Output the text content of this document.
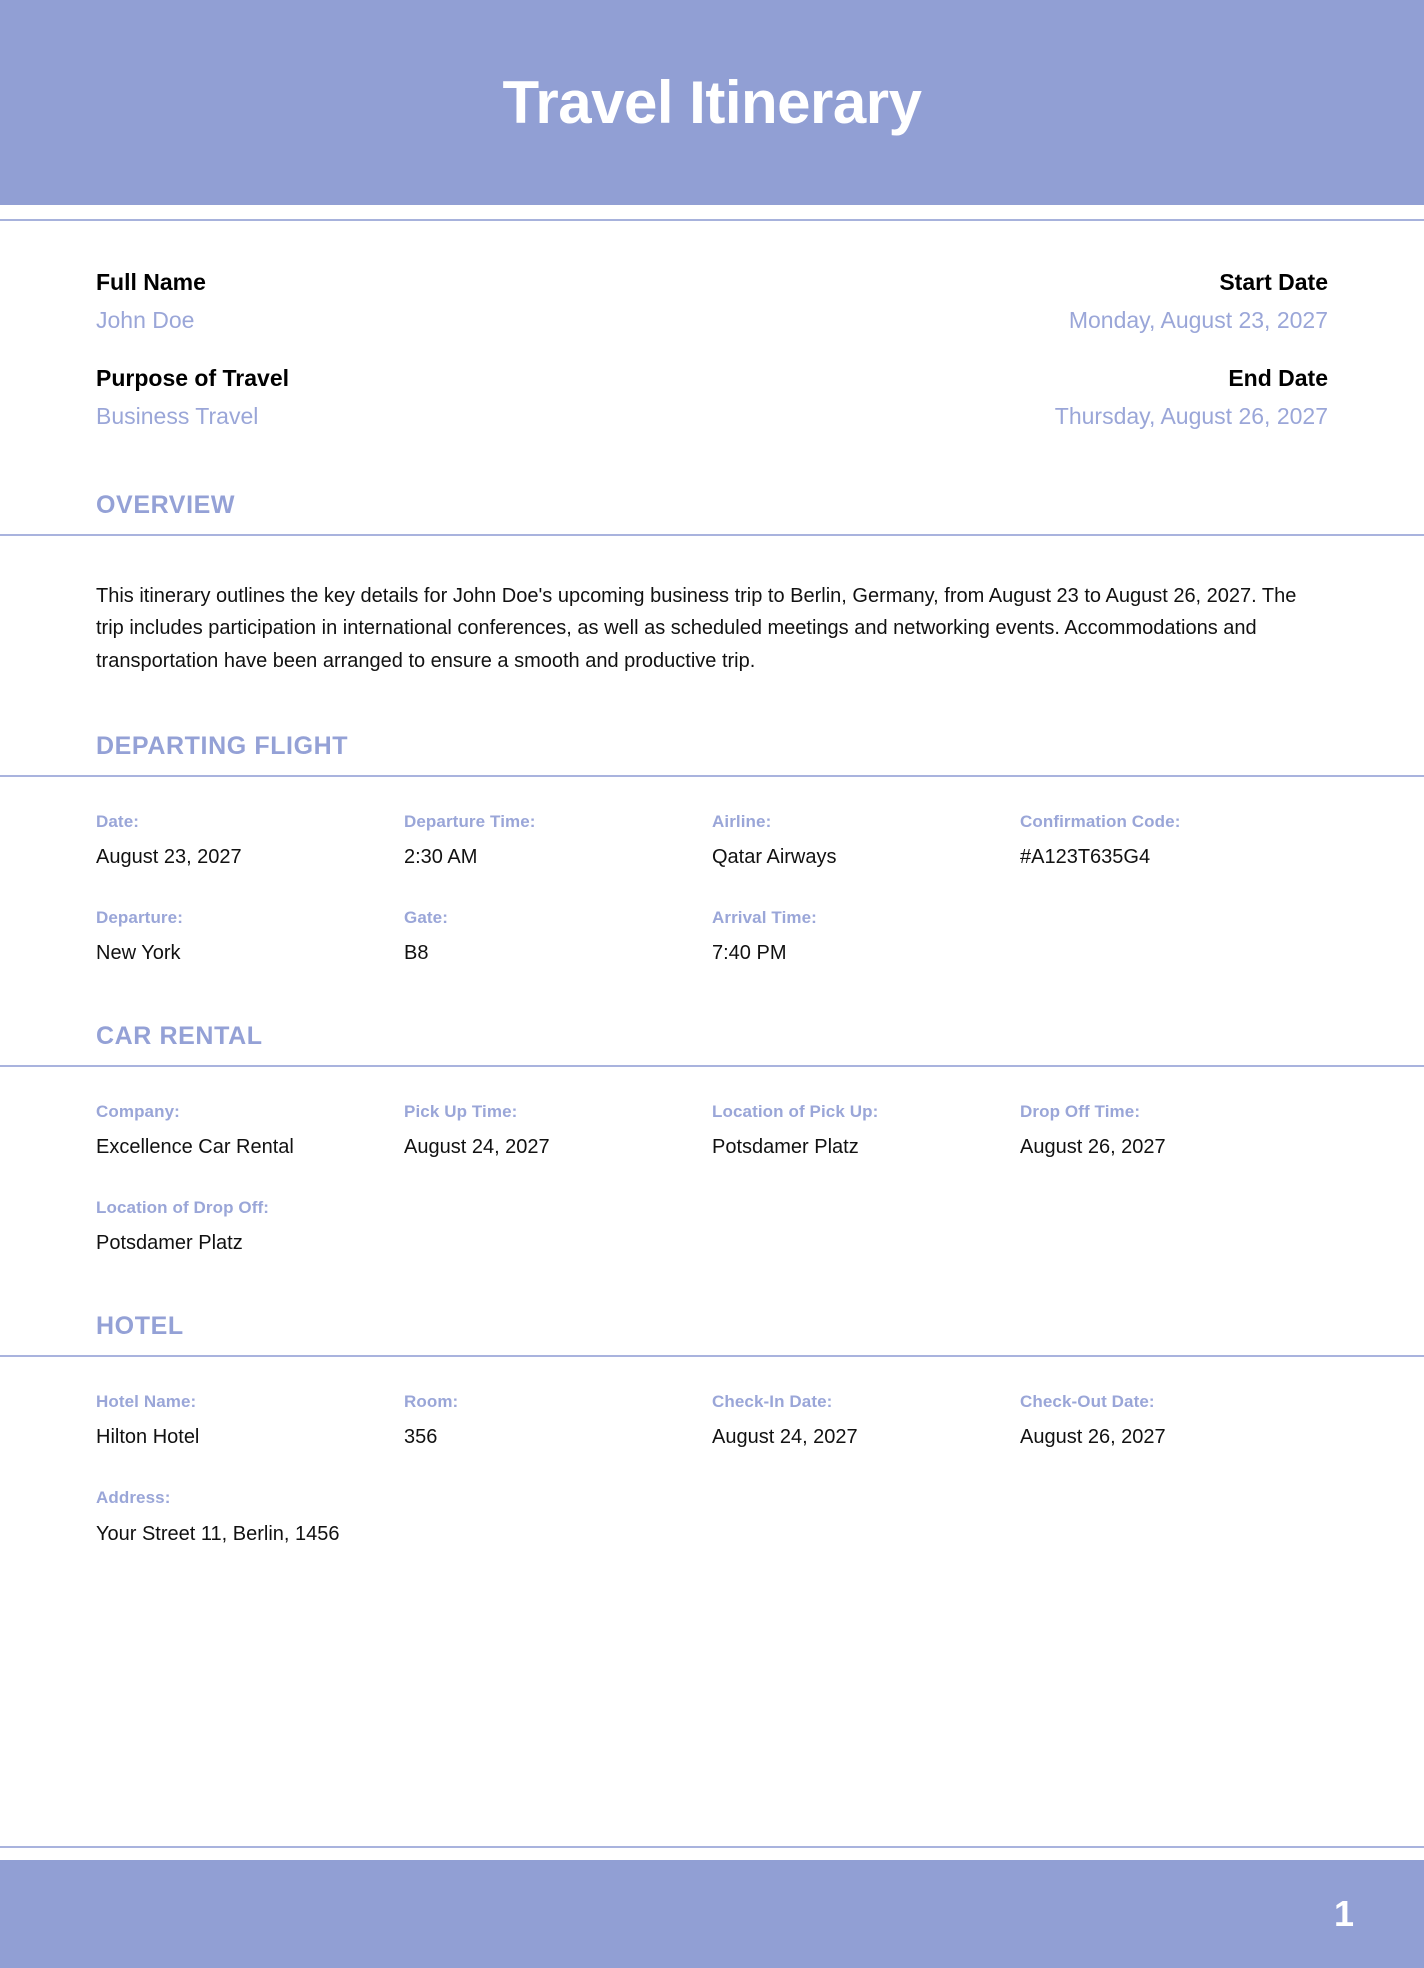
Travel Itinerary
Full Name	Start Date
John Doe	Monday, August 23, 2027
Purpose of Travel	End Date
Business Travel	Thursday, August 26, 2027
OVERVIEW
This itinerary outlines the key details for John Doe's upcoming business trip to Berlin, Germany, from August 23 to August 26, 2027. The trip includes participation in international conferences, as well as scheduled meetings and networking events. Accommodations and transportation have been arranged to ensure a smooth and productive trip.
DEPARTING FLIGHT
Date:
August 23, 2027
Departure Time:
2:30 AM
Airline:
Qatar Airways
Confirmation Code:
#A123T635G4
Departure:
New York
Gate:
B8
Arrival Time:
7:40 PM
CAR RENTAL
Company:
Excellence Car Rental
Pick Up Time:
August 24, 2027
Location of Pick Up:
Potsdamer Platz
Drop Off Time:
August 26, 2027
Location of Drop Off:
Potsdamer Platz
HOTEL
Hotel Name:
Hilton Hotel
Room:
356
Check-In Date:
August 24, 2027
Check-Out Date:
August 26, 2027
Address:
Your Street 11, Berlin, 1456
1
